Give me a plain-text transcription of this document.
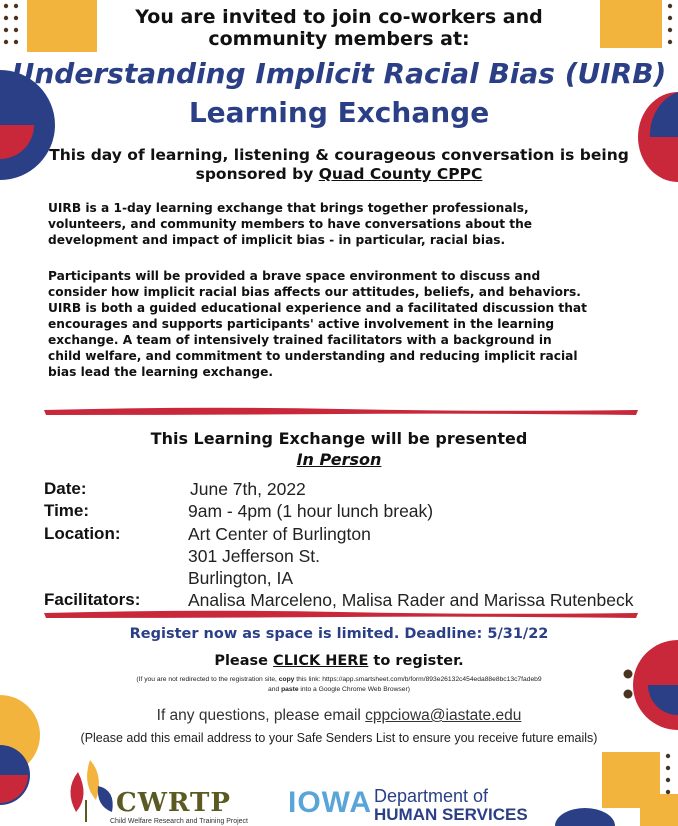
You are invited to join co-workers and
community members at:
Understanding Implicit Racial Bias (UIRB)
Learning Exchange
This day of learning, listening & courageous conversation is being
sponsored by Quad County CPPC
UIRB is a 1-day learning exchange that brings together professionals,
volunteers, and community members to have conversations about the
development and impact of implicit bias - in particular, racial bias.
Participants will be provided a brave space environment to discuss and
consider how implicit racial bias affects our attitudes, beliefs, and behaviors.
UIRB is both a guided educational experience and a facilitated discussion that
encourages and supports participants' active involvement in the learning
exchange. A team of intensively trained facilitators with a background in
child welfare, and commitment to understanding and reducing implicit racial
bias lead the learning exchange.
This Learning Exchange will be presented
In Person
Date:	June 7th, 2022
Time:	9am - 4pm (1 hour lunch break)
Location:	Art Center of Burlington
301 Jefferson St.
Burlington, IA
Facilitators:	Analisa Marceleno, Malisa Rader and Marissa Rutenbeck
Register now as space is limited. Deadline: 5/31/22
Please CLICK HERE to register.
(If you are not redirected to the registration site, copy this link: https://app.smartsheet.com/b/form/893e26132c454eda88e8bc13c7fadeb9
and paste into a Google Chrome Web Browser)
If any questions, please email cppciowa@iastate.edu
(Please add this email address to your Safe Senders List to ensure you receive future emails)
CWRTP
Child Welfare Research and Training Project
IOWA Department of
HUMAN SERVICES
